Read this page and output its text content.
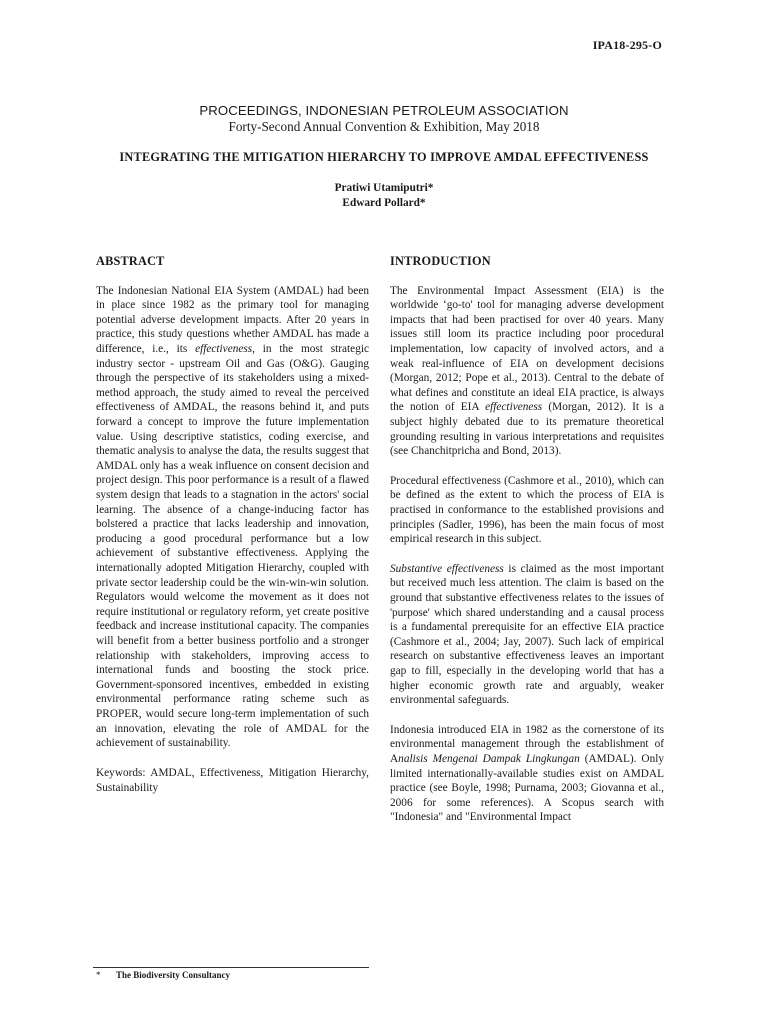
IPA18-295-O
PROCEEDINGS, INDONESIAN PETROLEUM ASSOCIATION
Forty-Second Annual Convention & Exhibition, May 2018
INTEGRATING THE MITIGATION HIERARCHY TO IMPROVE AMDAL EFFECTIVENESS
Pratiwi Utamiputri*
Edward Pollard*
ABSTRACT

The Indonesian National EIA System (AMDAL) had been in place since 1982 as the primary tool for managing potential adverse development impacts. After 20 years in practice, this study questions whether AMDAL has made a difference, i.e., its effectiveness, in the most strategic industry sector - upstream Oil and Gas (O&G). Gauging through the perspective of its stakeholders using a mixed-method approach, the study aimed to reveal the perceived effectiveness of AMDAL, the reasons behind it, and puts forward a concept to improve the future implementation value. Using descriptive statistics, coding exercise, and thematic analysis to analyse the data, the results suggest that AMDAL only has a weak influence on consent decision and project design. This poor performance is a result of a flawed system design that leads to a stagnation in the actors' social learning. The absence of a change-inducing factor has bolstered a practice that lacks leadership and innovation, producing a good procedural performance but a low achievement of substantive effectiveness. Applying the internationally adopted Mitigation Hierarchy, coupled with private sector leadership could be the win-win-win solution. Regulators would welcome the movement as it does not require institutional or regulatory reform, yet create positive feedback and increase institutional capacity. The companies will benefit from a better business portfolio and a stronger relationship with stakeholders, improving access to international funds and boosting the stock price. Government-sponsored incentives, embedded in existing environmental performance rating scheme such as PROPER, would secure long-term implementation of such an innovation, elevating the role of AMDAL for the achievement of sustainability.

Keywords: AMDAL, Effectiveness, Mitigation Hierarchy, Sustainability

INTRODUCTION

The Environmental Impact Assessment (EIA) is the worldwide ‘go-to' tool for managing adverse development impacts that had been practised for over 40 years. Many issues still loom its practice including poor procedural implementation, low capacity of involved actors, and a weak real-influence of EIA on development decisions (Morgan, 2012; Pope et al., 2013). Central to the debate of what defines and constitute an ideal EIA practice, is always the notion of EIA effectiveness (Morgan, 2012). It is a subject highly debated due to its premature theoretical grounding resulting in various interpretations and requisites (see Chanchitpricha and Bond, 2013).

Procedural effectiveness (Cashmore et al., 2010), which can be defined as the extent to which the process of EIA is practised in conformance to the established provisions and principles (Sadler, 1996), has been the main focus of most empirical research in this subject.

Substantive effectiveness is claimed as the most important but received much less attention. The claim is based on the ground that substantive effectiveness relates to the issues of 'purpose' which shared understanding and a causal process is a fundamental prerequisite for an effective EIA practice (Cashmore et al., 2004; Jay, 2007). Such lack of empirical research on substantive effectiveness leaves an important gap to fill, especially in the developing world that has a higher economic growth rate and arguably, weaker environmental safeguards.

Indonesia introduced EIA in 1982 as the cornerstone of its environmental management through the establishment of Analisis Mengenai Dampak Lingkungan (AMDAL). Only limited internationally-available studies exist on AMDAL practice (see Boyle, 1998; Purnama, 2003; Giovanna et al., 2006 for some references). A Scopus search with "Indonesia" and "Environmental Impact

* The Biodiversity Consultancy
